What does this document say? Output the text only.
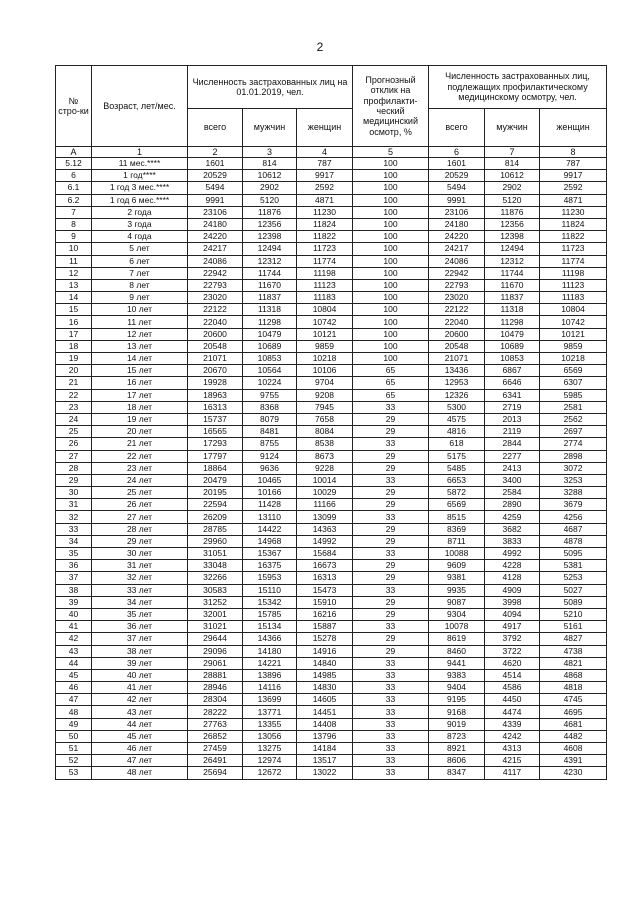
2
№ стро-ки	Возраст, лет/мес.	Численность застрахованных лиц на 01.01.2019, чел.			Прогнозный отклик на профилакти-ческий медицинский осмотр, %	Численность застрахованных лиц, подлежащих профилактическому медицинскому осмотру, чел.		
		всего	мужчин	женщин		всего	мужчин	женщин
А	1	2	3	4	5	6	7	8
5.12	11 мес.****	1601	814	787	100	1601	814	787
6	1 год****	20529	10612	9917	100	20529	10612	9917
6.1	1 год 3 мес.****	5494	2902	2592	100	5494	2902	2592
6.2	1 год 6 мес.****	9991	5120	4871	100	9991	5120	4871
7	2 года	23106	11876	11230	100	23106	11876	11230
8	3 года	24180	12356	11824	100	24180	12356	11824
9	4 года	24220	12398	11822	100	24220	12398	11822
10	5 лет	24217	12494	11723	100	24217	12494	11723
11	6 лет	24086	12312	11774	100	24086	12312	11774
12	7 лет	22942	11744	11198	100	22942	11744	11198
13	8 лет	22793	11670	11123	100	22793	11670	11123
14	9 лет	23020	11837	11183	100	23020	11837	11183
15	10 лет	22122	11318	10804	100	22122	11318	10804
16	11 лет	22040	11298	10742	100	22040	11298	10742
17	12 лет	20600	10479	10121	100	20600	10479	10121
18	13 лет	20548	10689	9859	100	20548	10689	9859
19	14 лет	21071	10853	10218	100	21071	10853	10218
20	15 лет	20670	10564	10106	65	13436	6867	6569
21	16 лет	19928	10224	9704	65	12953	6646	6307
22	17 лет	18963	9755	9208	65	12326	6341	5985
23	18 лет	16313	8368	7945	33	5300	2719	2581
24	19 лет	15737	8079	7658	29	4575	2013	2562
25	20 лет	16565	8481	8084	29	4816	2119	2697
26	21 лет	17293	8755	8538	33	618	2844	2774
27	22 лет	17797	9124	8673	29	5175	2277	2898
28	23 лет	18864	9636	9228	29	5485	2413	3072
29	24 лет	20479	10465	10014	33	6653	3400	3253
30	25 лет	20195	10166	10029	29	5872	2584	3288
31	26 лет	22594	11428	11166	29	6569	2890	3679
32	27 лет	26209	13110	13099	33	8515	4259	4256
33	28 лет	28785	14422	14363	29	8369	3682	4687
34	29 лет	29960	14968	14992	29	8711	3833	4878
35	30 лет	31051	15367	15684	33	10088	4992	5095
36	31 лет	33048	16375	16673	29	9609	4228	5381
37	32 лет	32266	15953	16313	29	9381	4128	5253
38	33 лет	30583	15110	15473	33	9935	4909	5027
39	34 лет	31252	15342	15910	29	9087	3998	5089
40	35 лет	32001	15785	16216	29	9304	4094	5210
41	36 лет	31021	15134	15887	33	10078	4917	5161
42	37 лет	29644	14366	15278	29	8619	3792	4827
43	38 лет	29096	14180	14916	29	8460	3722	4738
44	39 лет	29061	14221	14840	33	9441	4620	4821
45	40 лет	28881	13896	14985	33	9383	4514	4868
46	41 лет	28946	14116	14830	33	9404	4586	4818
47	42 лет	28304	13699	14605	33	9195	4450	4745
48	43 лет	28222	13771	14451	33	9168	4474	4695
49	44 лет	27763	13355	14408	33	9019	4339	4681
50	45 лет	26852	13056	13796	33	8723	4242	4482
51	46 лет	27459	13275	14184	33	8921	4313	4608
52	47 лет	26491	12974	13517	33	8606	4215	4391
53	48 лет	25694	12672	13022	33	8347	4117	4230
